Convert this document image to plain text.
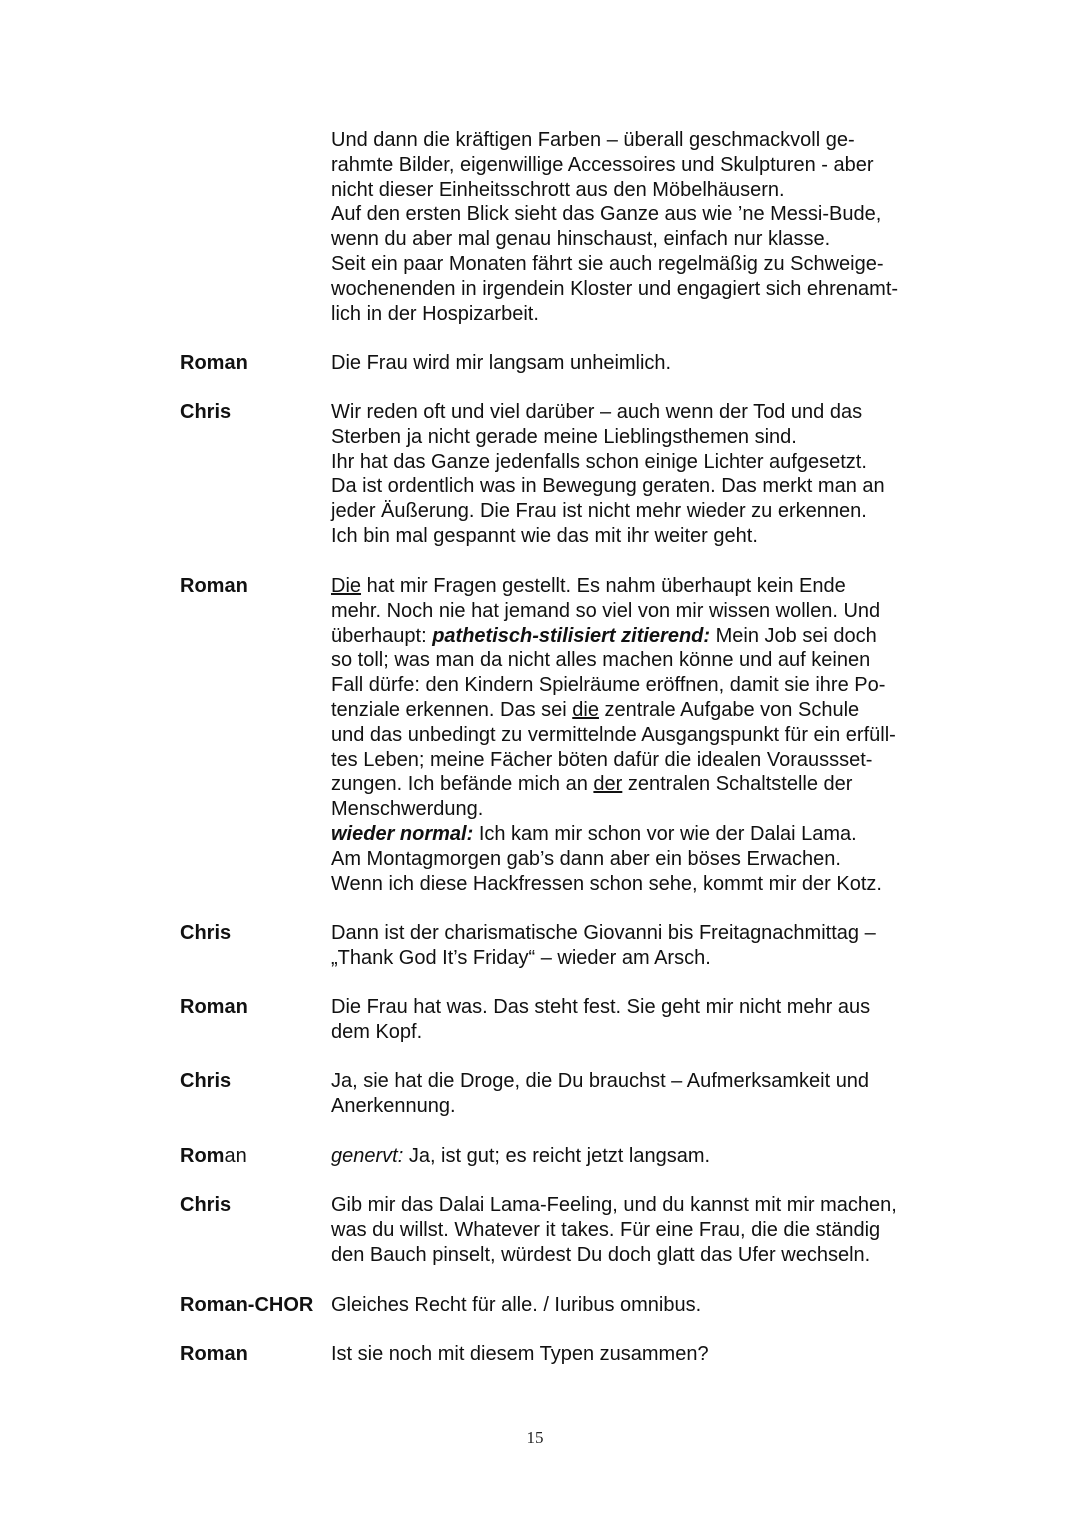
Und dann die kräftigen Farben – überall geschmackvoll ge-
rahmte Bilder, eigenwillige Accessoires und Skulpturen - aber
nicht dieser Einheitsschrott aus den Möbelhäusern.
Auf den ersten Blick sieht das Ganze aus wie ’ne Messi-Bude,
wenn du aber mal genau hinschaust, einfach nur klasse.
Seit ein paar Monaten fährt sie auch regelmäßig zu Schweige-
wochenenden in irgendein Kloster und engagiert sich ehrenamt-
lich in der Hospizarbeit.
Roman	Die Frau wird mir langsam unheimlich.
Chris	Wir reden oft und viel darüber – auch wenn der Tod und das
Sterben ja nicht gerade meine Lieblingsthemen sind.
Ihr hat das Ganze jedenfalls schon einige Lichter aufgesetzt.
Da ist ordentlich was in Bewegung geraten. Das merkt man an
jeder Äußerung. Die Frau ist nicht mehr wieder zu erkennen.
Ich bin mal gespannt wie das mit ihr weiter geht.
Roman	Die hat mir Fragen gestellt. Es nahm überhaupt kein Ende
mehr. Noch nie hat jemand so viel von mir wissen wollen. Und
überhaupt: pathetisch-stilisiert zitierend: Mein Job sei doch
so toll; was man da nicht alles machen könne und auf keinen
Fall dürfe: den Kindern Spielräume eröffnen, damit sie ihre Po-
tenziale erkennen. Das sei die zentrale Aufgabe von Schule
und das unbedingt zu vermittelnde Ausgangspunkt für ein erfüll-
tes Leben; meine Fächer böten dafür die idealen Voraussset-
zungen. Ich befände mich an der zentralen Schaltstelle der
Menschwerdung.
wieder normal: Ich kam mir schon vor wie der Dalai Lama.
Am Montagmorgen gab’s dann aber ein böses Erwachen.
Wenn ich diese Hackfressen schon sehe, kommt mir der Kotz.
Chris	Dann ist der charismatische Giovanni bis Freitagnachmittag –
„Thank God It’s Friday“ – wieder am Arsch.
Roman	Die Frau hat was. Das steht fest. Sie geht mir nicht mehr aus
dem Kopf.
Chris	Ja, sie hat die Droge, die Du brauchst – Aufmerksamkeit und
Anerkennung.
Roman	genervt: Ja, ist gut; es reicht jetzt langsam.
Chris	Gib mir das Dalai Lama-Feeling, und du kannst mit mir machen,
was du willst. Whatever it takes. Für eine Frau, die die ständig
den Bauch pinselt, würdest Du doch glatt das Ufer wechseln.
Roman-CHOR Gleiches Recht für alle. / Iuribus omnibus.
Roman	Ist sie noch mit diesem Typen zusammen?
15
